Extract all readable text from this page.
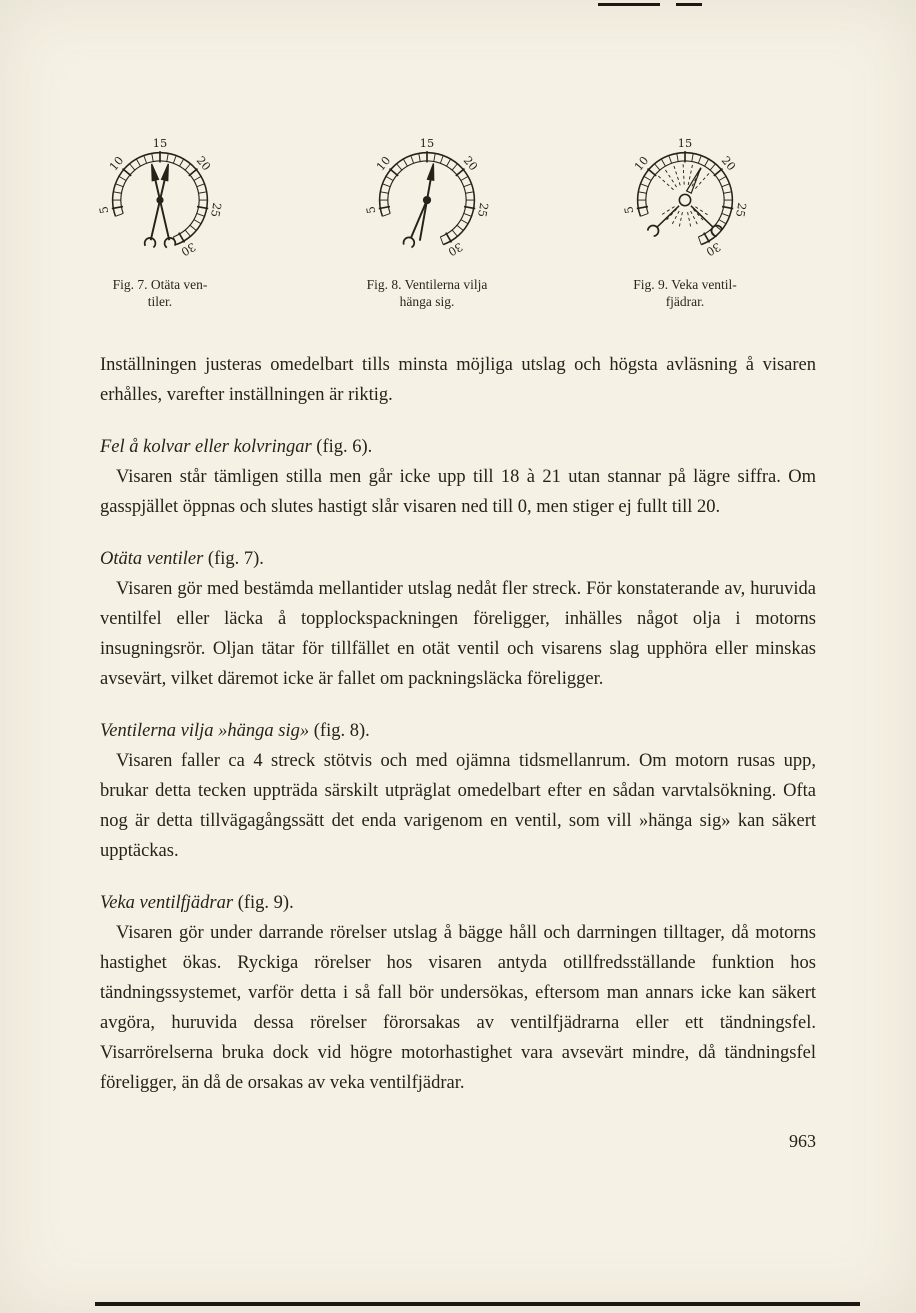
5
10
15
20
25
30
Fig. 7. Otäta ven-
tiler.
5
10
15
20
25
30
Fig. 8. Ventilerna vilja
hänga sig.
5
10
15
20
25
30
Fig. 9. Veka ventil-
fjädrar.

Inställningen justeras omedelbart tills minsta möjliga utslag och högsta avläsning å visaren erhålles, varefter inställningen är riktig.

Fel å kolvar eller kolvringar (fig. 6).

Visaren står tämligen stilla men går icke upp till 18 à 21 utan stannar på lägre siffra. Om gasspjället öppnas och slutes hastigt slår visaren ned till 0, men stiger ej fullt till 20.

Otäta ventiler (fig. 7).

Visaren gör med bestämda mellantider utslag nedåt fler streck. För konstaterande av, huruvida ventilfel eller läcka å topplockspackningen föreligger, inhälles något olja i motorns insugningsrör. Oljan tätar för tillfället en otät ventil och visarens slag upphöra eller minskas avsevärt, vilket däremot icke är fallet om packningsläcka föreligger.

Ventilerna vilja »hänga sig» (fig. 8).

Visaren faller ca 4 streck stötvis och med ojämna tidsmellanrum. Om motorn rusas upp, brukar detta tecken uppträda särskilt utpräglat omedelbart efter en sådan varvtalsökning. Ofta nog är detta tillvägagångssätt det enda varigenom en ventil, som vill »hänga sig» kan säkert upptäckas.

Veka ventilfjädrar (fig. 9).

Visaren gör under darrande rörelser utslag å bägge håll och darrningen tilltager, då motorns hastighet ökas. Ryckiga rörelser hos visaren antyda otillfredsställande funktion hos tändningssystemet, varför detta i så fall bör undersökas, eftersom man annars icke kan säkert avgöra, huruvida dessa rörelser förorsakas av ventilfjädrarna eller ett tändningsfel. Visarrörelserna bruka dock vid högre motorhastighet vara avsevärt mindre, då tändningsfel föreligger, än då de orsakas av veka ventilfjädrar.

963
